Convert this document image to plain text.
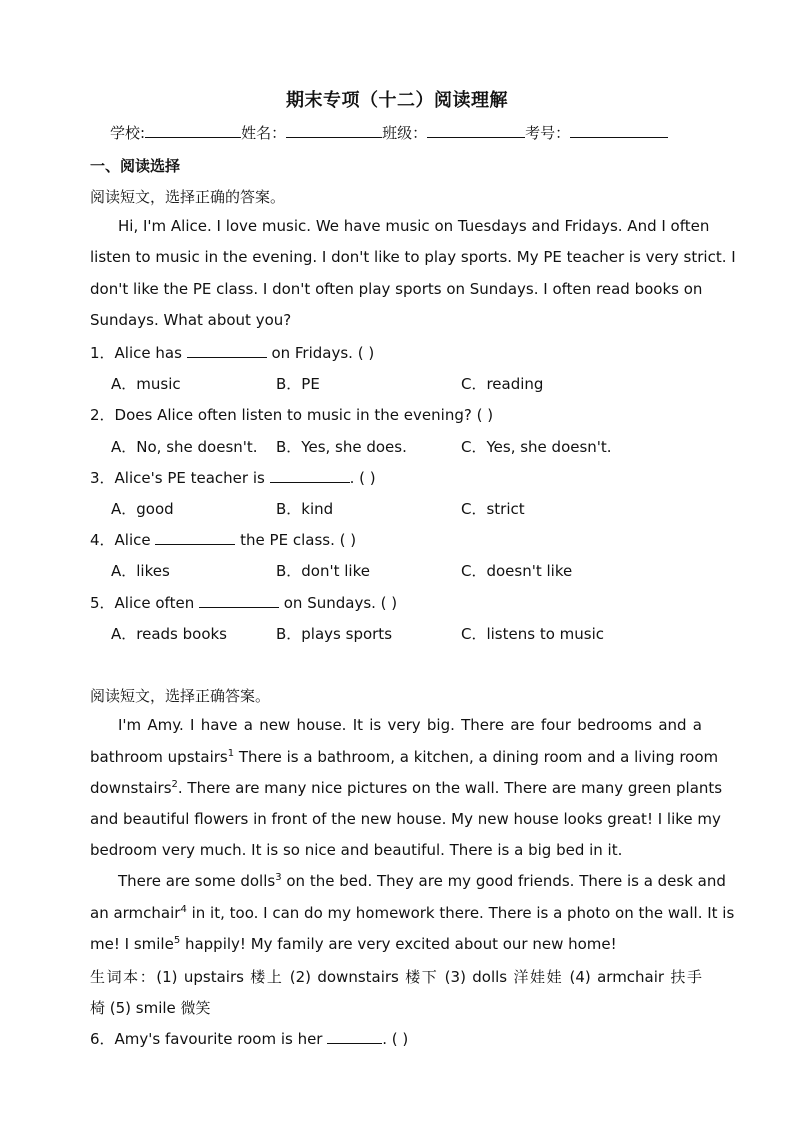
期末专项（十二）阅读理解
学校:	姓名：	班级：	考号：
一、阅读选择
阅读短文，选择正确的答案。
Hi, I'm Alice. I love music. We have music on Tuesdays and Fridays. And I often
listen to music in the evening. I don't like to play sports. My PE teacher is very strict. I
don't like the PE class. I don't often play sports on Sundays. I often read books on
Sundays. What about you?
1．Alice has	on Fridays. ( )
A．music	B．PE	C．reading
2．Does Alice often listen to music in the evening? ( )
A．No, she doesn't. B．Yes, she does.	C．Yes, she doesn't.
3．Alice's PE teacher is	. ( )
A．good	B．kind	C．strict
4．Alice	the PE class. ( )
A．likes	B．don't like	C．doesn't like
5．Alice often	on Sundays. ( )
A．reads books	B．plays sports	C．listens to music
阅读短文，选择正确答案。
I'm Amy. I have a new house. It is very big. There are four bedrooms and a
bathroom upstairs$^1$ There is a bathroom, a kitchen, a dining room and a living room
downstairs$^2$. There are many nice pictures on the wall. There are many green plants
and beautiful flowers in front of the new house. My new house looks great! I like my
bedroom very much. It is so nice and beautiful. There is a big bed in it.
There are some dolls$^3$ on the bed. They are my good friends. There is a desk and
an armchair$^4$ in it, too. I can do my homework there. There is a photo on the wall. It is
me! I smile$^5$ happily! My family are very excited about our new home!
生词本：(1) upstairs 楼上 (2) downstairs 楼下 (3) dolls 洋娃娃 (4) armchair 扶手
椅 (5) smile 微笑
6．Amy's favourite room is her	. ( )
